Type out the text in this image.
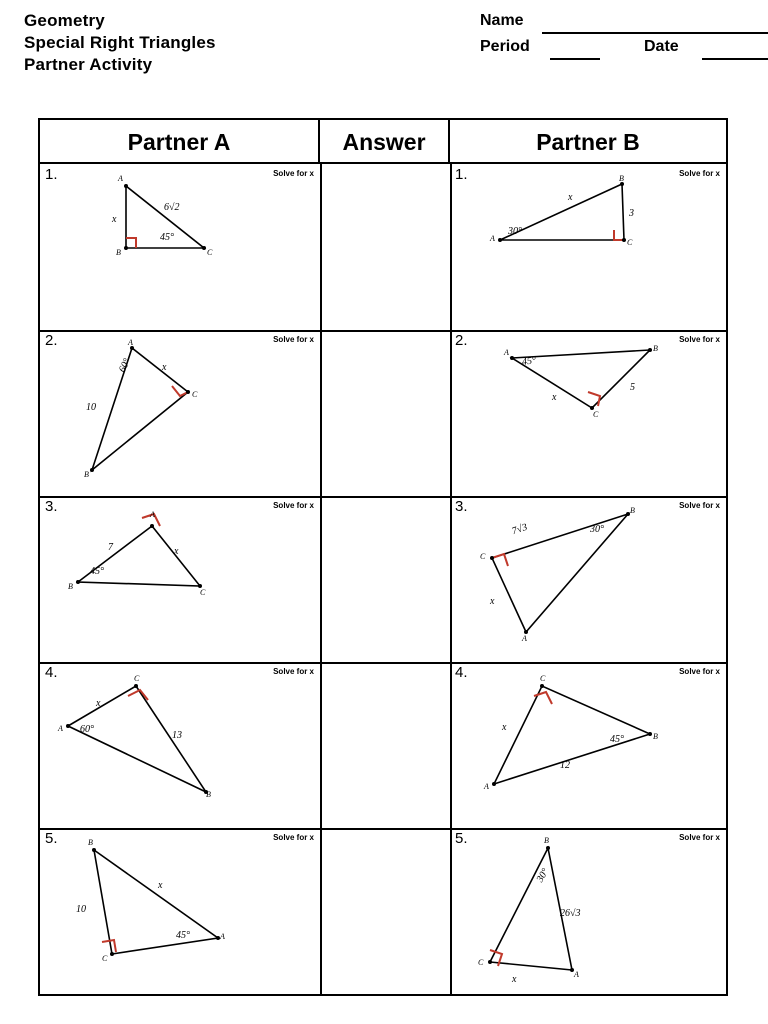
Geometry
Special Right Triangles
Partner Activity
Name
Period	Date
Partner A	Answer	Partner B
1.	Solve for x
A
B	C
6√2
x
45°
1.	Solve for x
A
B
C
x
3
30°
2.	Solve for x
A
B
C
60°	x
10
2.	Solve for x
A	B
C
45°
5
x
3.	Solve for x
A
B
C
7	x
45°
3.	Solve for x
C
B
A
7√3	30°
x
4.	Solve for x
A
B
C
x
60°
13
4.	Solve for x
A
B
C
x
45°
12
5.	Solve for x
B
C
A
x
10
45°
5.	Solve for x
B
C
A
30°
26√3
x
